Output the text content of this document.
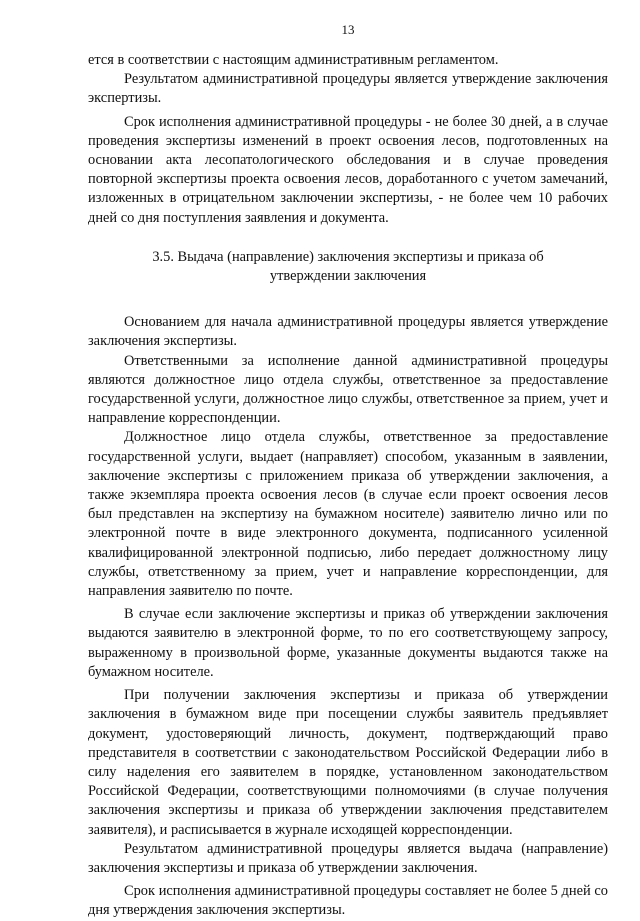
13

ется в соответствии с настоящим административным регламентом.

Результатом административной процедуры является утверждение заключения экспертизы.

Срок исполнения административной процедуры - не более 30 дней, а в случае проведения экспертизы изменений в проект освоения лесов, подготовленных на основании акта лесопатологического обследования и в случае проведения повторной экспертизы проекта освоения лесов, доработанного с учетом замечаний, изложенных в отрицательном заключении экспертизы, - не более чем 10 рабочих дней со дня поступления заявления и документа.

3.5. Выдача (направление) заключения экспертизы и приказа об утверждении заключения

Основанием для начала административной процедуры является утверждение заключения экспертизы.

Ответственными за исполнение данной административной процедуры являются должностное лицо отдела службы, ответственное за предоставление государственной услуги, должностное лицо службы, ответственное за прием, учет и направление корреспонденции.

Должностное лицо отдела службы, ответственное за предоставление государственной услуги, выдает (направляет) способом, указанным в заявлении, заключение экспертизы с приложением приказа об утверждении заключения, а также экземпляра проекта освоения лесов (в случае если проект освоения лесов был представлен на экспертизу на бумажном носителе) заявителю лично или по электронной почте в виде электронного документа, подписанного усиленной квалифицированной электронной подписью, либо передает должностному лицу службы, ответственному за прием, учет и направление корреспонденции, для направления заявителю по почте.

В случае если заключение экспертизы и приказ об утверждении заключения выдаются заявителю в электронной форме, то по его соответствующему запросу, выраженному в произвольной форме, указанные документы выдаются также на бумажном носителе.

При получении заключения экспертизы и приказа об утверждении заключения в бумажном виде при посещении службы заявитель предъявляет документ, удостоверяющий личность, документ, подтверждающий право представителя в соответствии с законодательством Российской Федерации либо в силу наделения его заявителем в порядке, установленном законодательством Российской Федерации, соответствующими полномочиями (в случае получения заключения экспертизы и приказа об утверждении заключения представителем заявителя), и расписывается в журнале исходящей корреспонденции.

Результатом административной процедуры является выдача (направление) заключения экспертизы и приказа об утверждении заключения.

Срок исполнения административной процедуры составляет не более 5 дней со дня утверждения заключения экспертизы.
